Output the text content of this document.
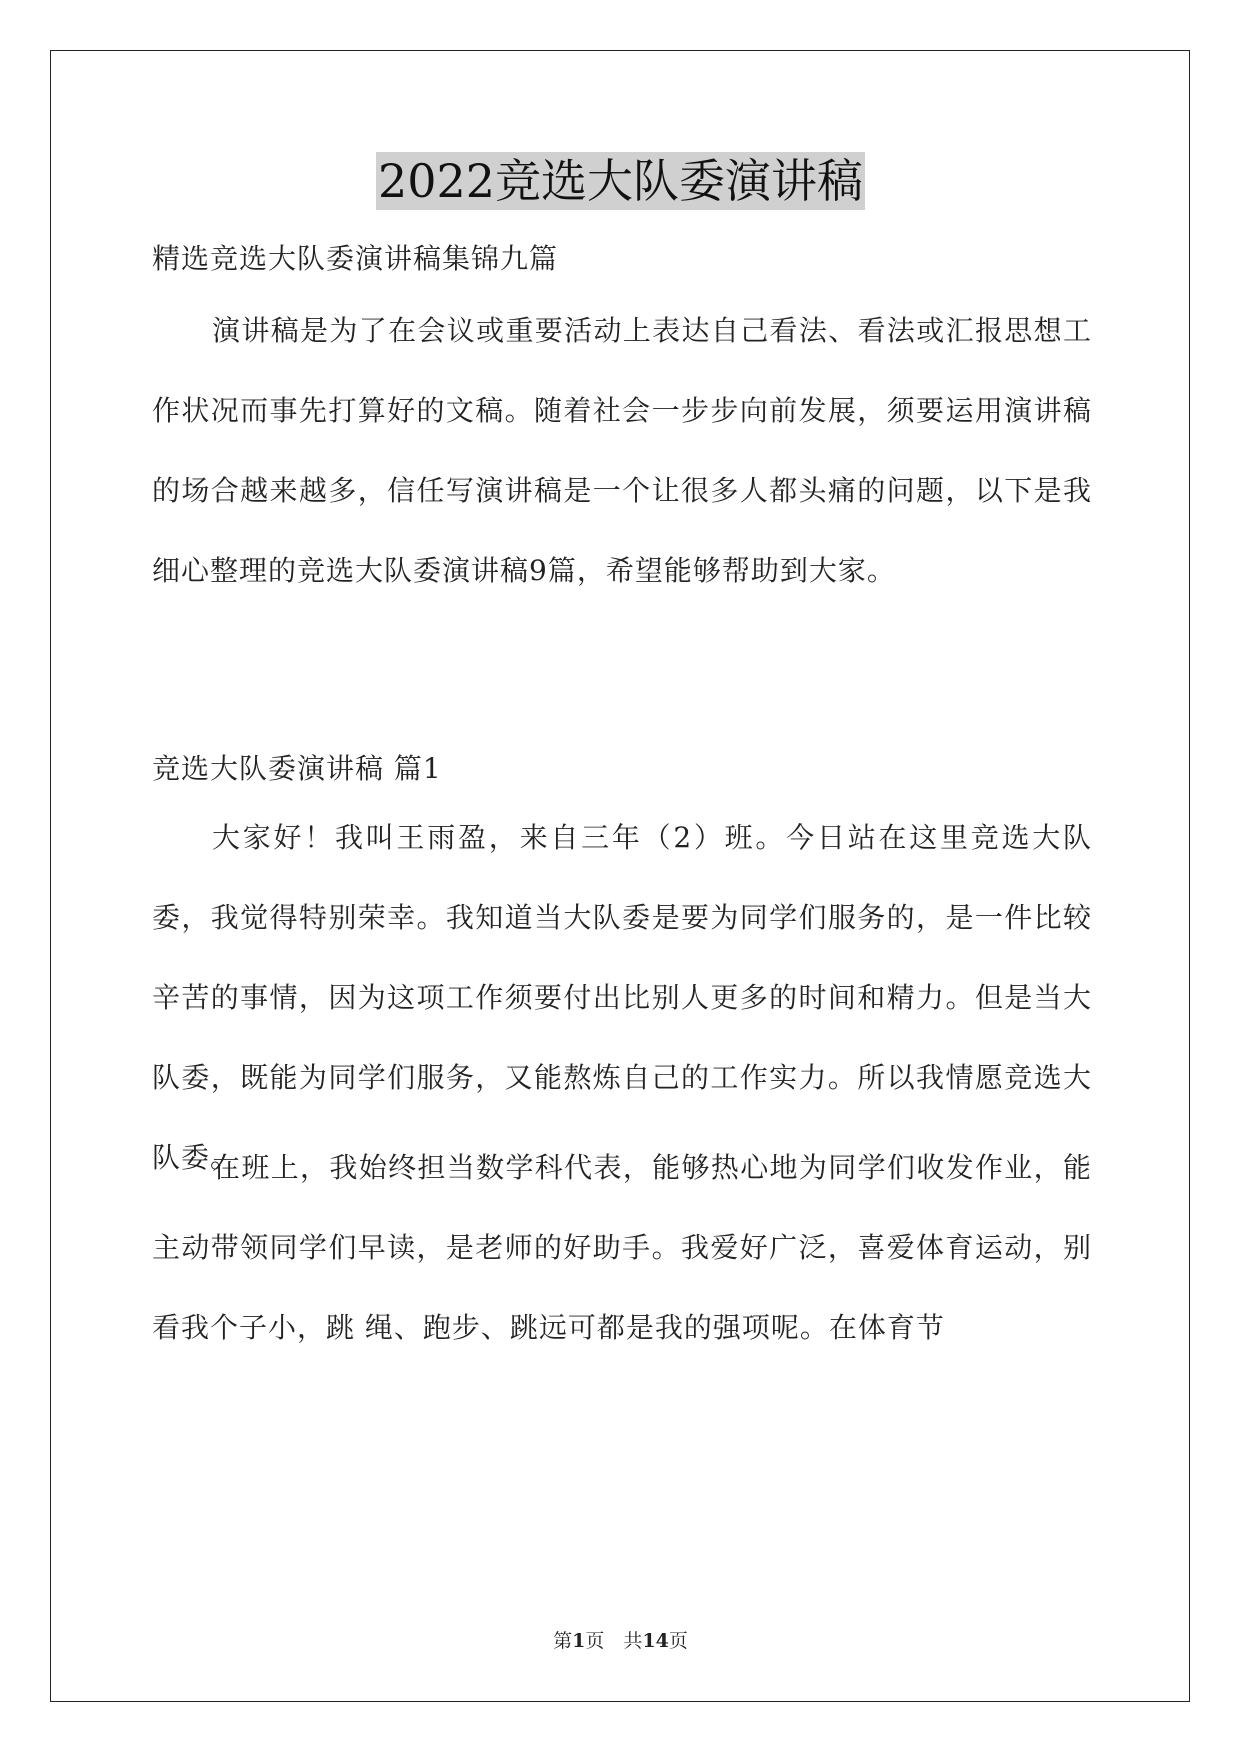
2022竞选大队委演讲稿

精选竞选大队委演讲稿集锦九篇

演讲稿是为了在会议或重要活动上表达自己看法、看法或汇报思想工作状况而事先打算好的文稿。随着社会一步步向前发展，须要运用演讲稿的场合越来越多，信任写演讲稿是一个让很多人都头痛的问题，以下是我细心整理的竞选大队委演讲稿9篇，希望能够帮助到大家。

竞选大队委演讲稿 篇1

大家好！我叫王雨盈，来自三年（2）班。今日站在这里竞选大队委，我觉得特别荣幸。我知道当大队委是要为同学们服务的，是一件比较辛苦的事情，因为这项工作须要付出比别人更多的时间和精力。但是当大队委，既能为同学们服务，又能熬炼自己的工作实力。所以我情愿竞选大队委。

在班上，我始终担当数学科代表，能够热心地为同学们收发作业，能主动带领同学们早读，是老师的好助手。我爱好广泛，喜爱体育运动，别看我个子小，跳 绳、跑步、跳远可都是我的强项呢。在体育节

第1页　共14页
